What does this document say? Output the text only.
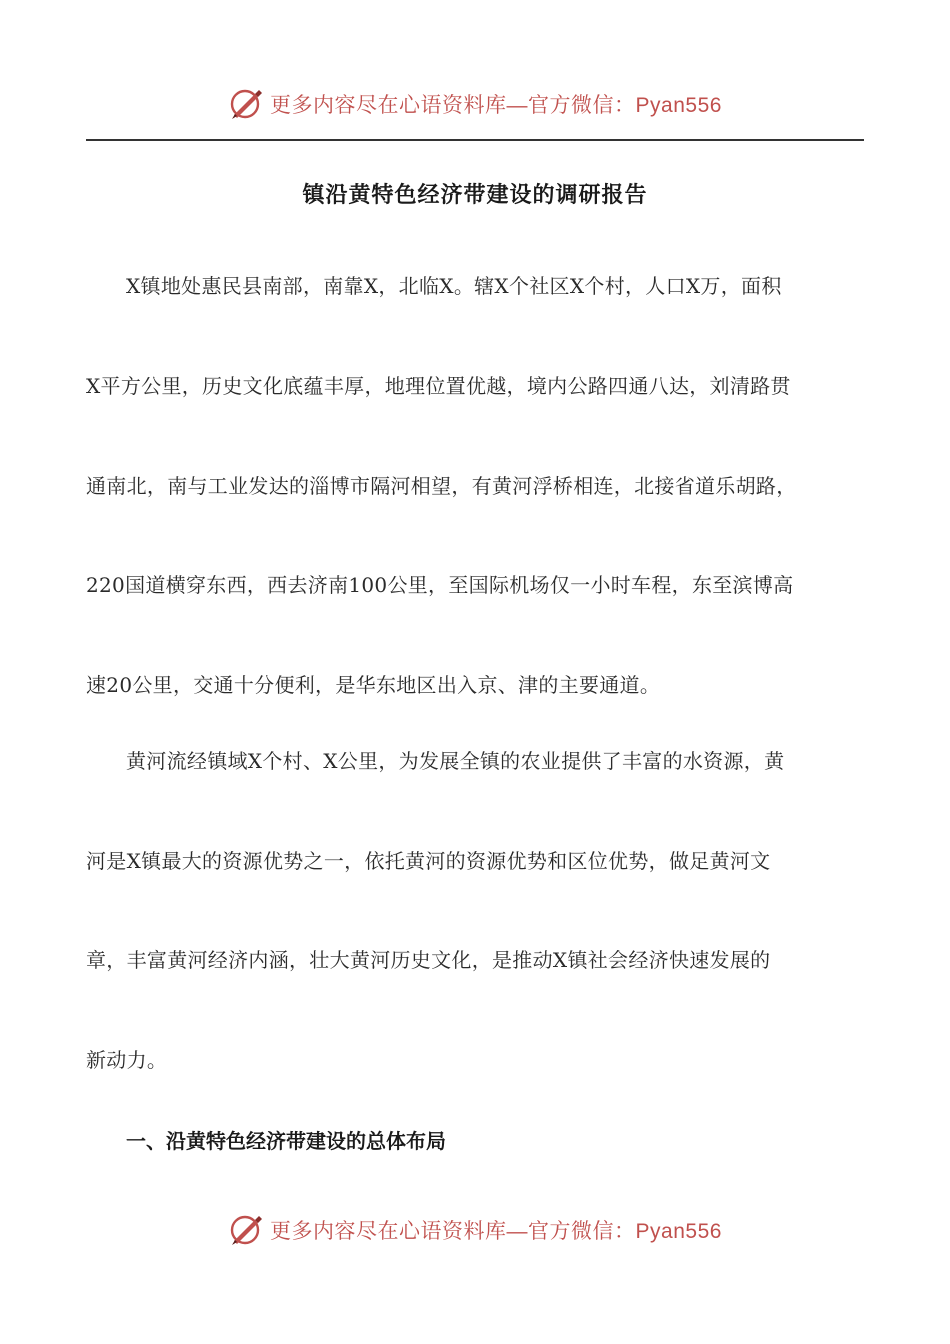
更多内容尽在心语资料库—官方微信：Pyan556
镇沿黄特色经济带建设的调研报告
X镇地处惠民县南部，南靠X，北临X。辖X个社区X个村，人口X万，面积
X平方公里，历史文化底蕴丰厚，地理位置优越，境内公路四通八达，刘清路贯
通南北，南与工业发达的淄博市隔河相望，有黄河浮桥相连，北接省道乐胡路，
220国道横穿东西，西去济南100公里，至国际机场仅一小时车程，东至滨博高
速20公里，交通十分便利，是华东地区出入京、津的主要通道。
黄河流经镇域X个村、X公里，为发展全镇的农业提供了丰富的水资源，黄
河是X镇最大的资源优势之一，依托黄河的资源优势和区位优势，做足黄河文
章，丰富黄河经济内涵，壮大黄河历史文化，是推动X镇社会经济快速发展的
新动力。
一、沿黄特色经济带建设的总体布局
更多内容尽在心语资料库—官方微信：Pyan556
